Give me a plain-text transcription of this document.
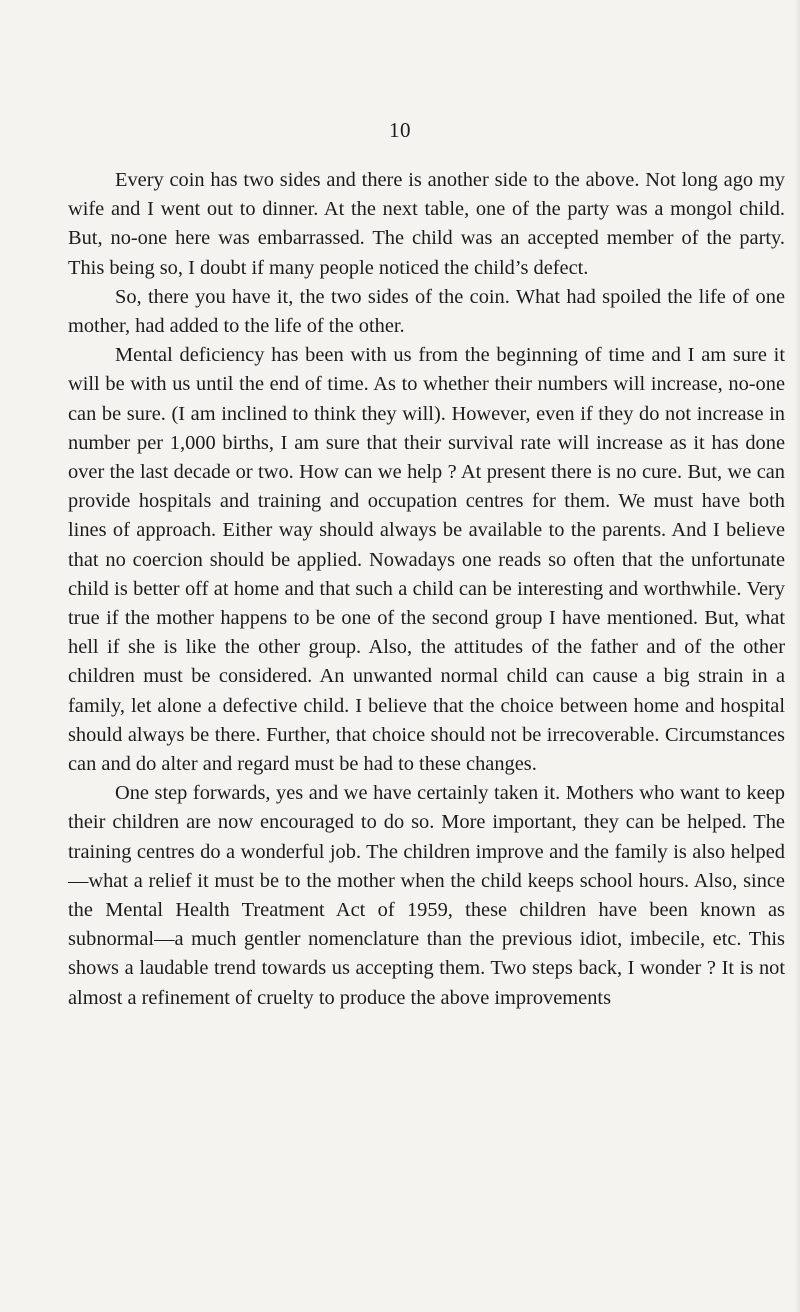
10

Every coin has two sides and there is another side to the above. Not long ago my wife and I went out to dinner. At the next table, one of the party was a mongol child. But, no-one here was embarrassed. The child was an accepted member of the party. This being so, I doubt if many people noticed the child’s defect.

So, there you have it, the two sides of the coin. What had spoiled the life of one mother, had added to the life of the other.

Mental deficiency has been with us from the beginning of time and I am sure it will be with us until the end of time. As to whether their numbers will increase, no-one can be sure. (I am inclined to think they will). However, even if they do not increase in number per 1,000 births, I am sure that their survival rate will increase as it has done over the last decade or two. How can we help ? At present there is no cure. But, we can provide hospitals and training and occupation centres for them. We must have both lines of approach. Either way should always be available to the parents. And I believe that no coercion should be applied. Nowadays one reads so often that the unfortunate child is better off at home and that such a child can be interesting and worthwhile. Very true if the mother happens to be one of the second group I have mentioned. But, what hell if she is like the other group. Also, the attitudes of the father and of the other children must be considered. An unwanted normal child can cause a big strain in a family, let alone a defective child. I believe that the choice between home and hospital should always be there. Further, that choice should not be irrecoverable. Circumstances can and do alter and regard must be had to these changes.

One step forwards, yes and we have certainly taken it. Mothers who want to keep their children are now encouraged to do so. More important, they can be helped. The training centres do a wonderful job. The children improve and the family is also helped—what a relief it must be to the mother when the child keeps school hours. Also, since the Mental Health Treatment Act of 1959, these children have been known as subnormal—a much gentler nomenclature than the previous idiot, imbecile, etc. This shows a laudable trend towards us accepting them. Two steps back, I wonder ? It is not almost a refinement of cruelty to produce the above improvements
